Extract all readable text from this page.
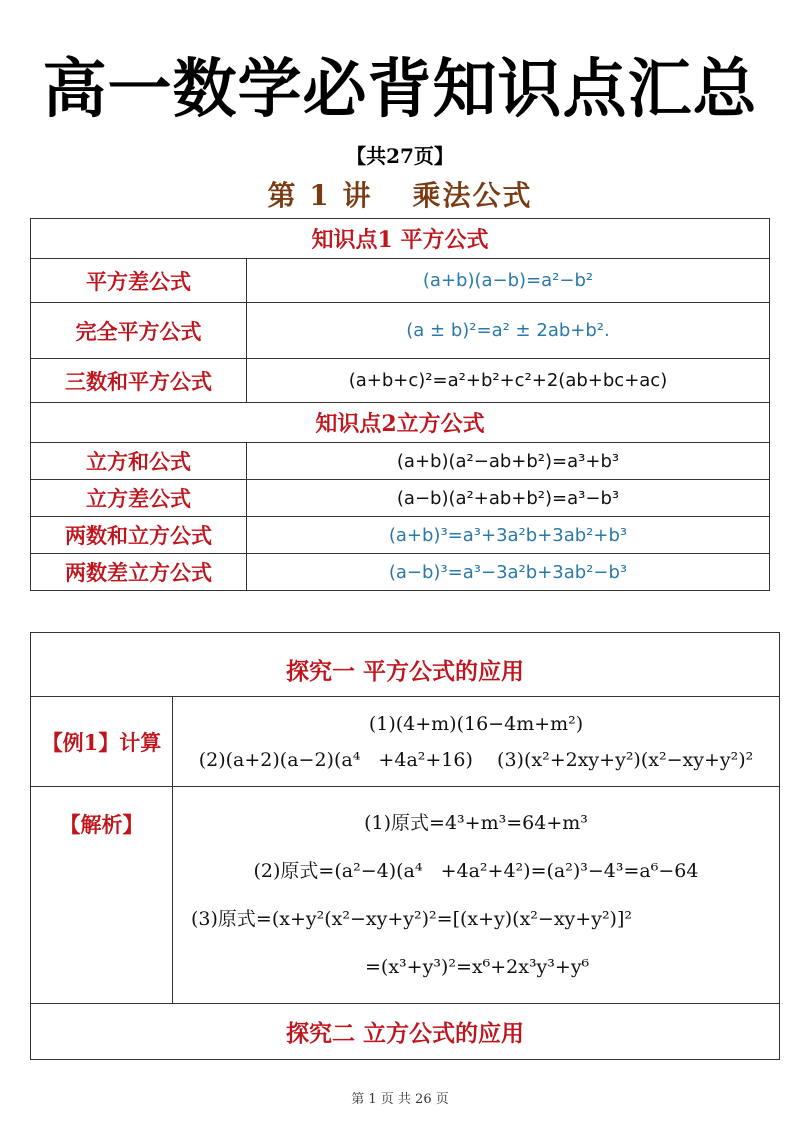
高一数学必背知识点汇总
【共27页】
第 1 讲 乘法公式
知识点1 平方公式	
平方差公式	(a+b)(a−b)=a²−b²
完全平方公式	(a ± b)²=a² ± 2ab+b².
三数和平方公式	(a+b+c)²=a²+b²+c²+2(ab+bc+ac)
知识点2立方公式	
立方和公式	(a+b)(a²−ab+b²)=a³+b³
立方差公式	(a−b)(a²+ab+b²)=a³−b³
两数和立方公式	(a+b)³=a³+3a²b+3ab²+b³
两数差立方公式	(a−b)³=a³−3a²b+3ab²−b³
探究一 平方公式的应用	
【例1】计算	(1)(4+m)(16−4m+m²)
(2)(a+2)(a−2)(a⁴   +4a²+16)    (3)(x²+2xy+y²)(x²−xy+y²)²

【解析】	(1)原式=4³+m³=64+m³
(2)原式=(a²−4)(a⁴   +4a²+4²)=(a²)³−4³=a⁶−64
(3)原式=(x+y²(x²−xy+y²)²=[(x+y)(x²−xy+y²)]²
=(x³+y³)²=x⁶+2x³y³+y⁶

探究二 立方公式的应用	
第 1 页 共 26 页
